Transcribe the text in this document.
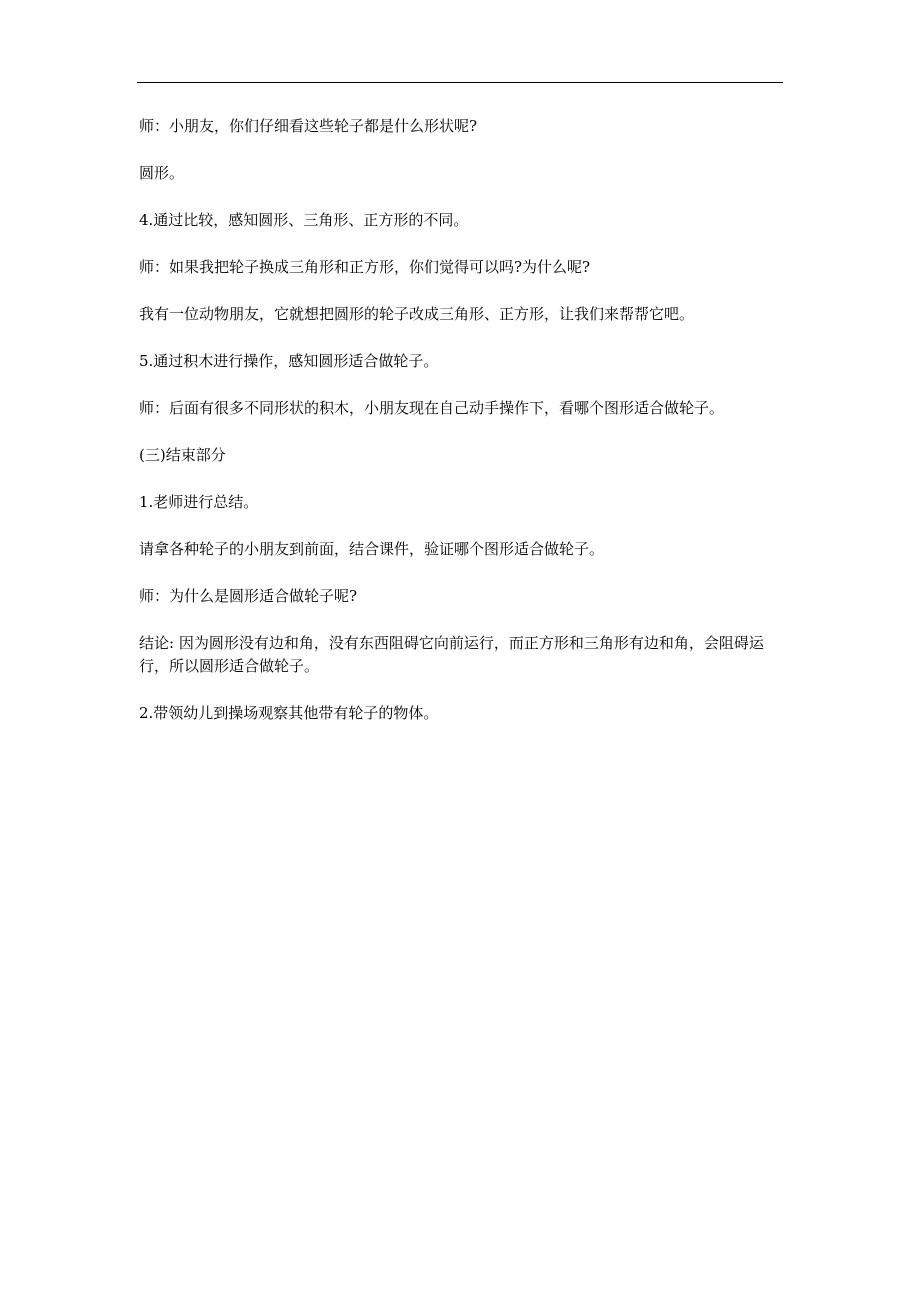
师：小朋友，你们仔细看这些轮子都是什么形状呢?

圆形。

4.通过比较，感知圆形、三角形、正方形的不同。

师：如果我把轮子换成三角形和正方形，你们觉得可以吗?为什么呢?

我有一位动物朋友，它就想把圆形的轮子改成三角形、正方形，让我们来帮帮它吧。

5.通过积木进行操作，感知圆形适合做轮子。

师：后面有很多不同形状的积木，小朋友现在自己动手操作下，看哪个图形适合做轮子。

(三)结束部分

1.老师进行总结。

请拿各种轮子的小朋友到前面，结合课件，验证哪个图形适合做轮子。

师：为什么是圆形适合做轮子呢?

结论: 因为圆形没有边和角，没有东西阻碍它向前运行，而正方形和三角形有边和角，会阻碍运行，所以圆形适合做轮子。

2.带领幼儿到操场观察其他带有轮子的物体。
